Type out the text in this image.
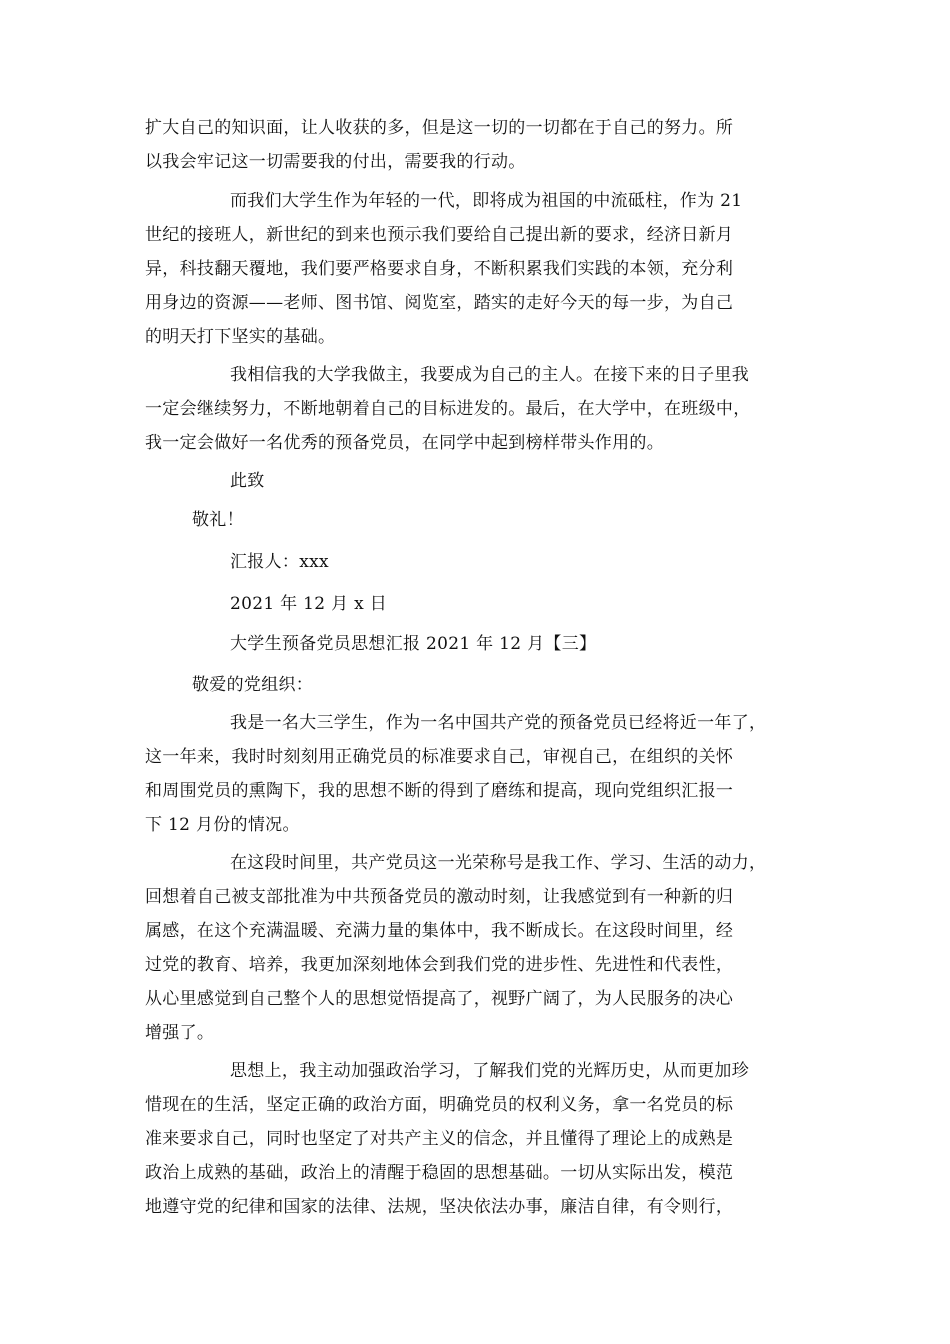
扩大自己的知识面，让人收获的多，但是这一切的一切都在于自己的努力。所
以我会牢记这一切需要我的付出，需要我的行动。
而我们大学生作为年轻的一代，即将成为祖国的中流砥柱，作为 21
世纪的接班人，新世纪的到来也预示我们要给自己提出新的要求，经济日新月
异，科技翻天覆地，我们要严格要求自身，不断积累我们实践的本领，充分利
用身边的资源——老师、图书馆、阅览室，踏实的走好今天的每一步，为自己
的明天打下坚实的基础。
我相信我的大学我做主，我要成为自己的主人。在接下来的日子里我
一定会继续努力，不断地朝着自己的目标进发的。最后，在大学中，在班级中，
我一定会做好一名优秀的预备党员，在同学中起到榜样带头作用的。
此致
敬礼！
汇报人：xxx
2021 年 12 月 x 日
大学生预备党员思想汇报 2021 年 12 月【三】
敬爱的党组织：
我是一名大三学生，作为一名中国共产党的预备党员已经将近一年了，
这一年来，我时时刻刻用正确党员的标准要求自己，审视自己，在组织的关怀
和周围党员的熏陶下，我的思想不断的得到了磨练和提高，现向党组织汇报一
下 12 月份的情况。
在这段时间里，共产党员这一光荣称号是我工作、学习、生活的动力，
回想着自己被支部批准为中共预备党员的激动时刻，让我感觉到有一种新的归
属感，在这个充满温暖、充满力量的集体中，我不断成长。在这段时间里，经
过党的教育、培养，我更加深刻地体会到我们党的进步性、先进性和代表性，
从心里感觉到自己整个人的思想觉悟提高了，视野广阔了，为人民服务的决心
增强了。
思想上，我主动加强政治学习，了解我们党的光辉历史，从而更加珍
惜现在的生活，坚定正确的政治方面，明确党员的权利义务，拿一名党员的标
准来要求自己，同时也坚定了对共产主义的信念，并且懂得了理论上的成熟是
政治上成熟的基础，政治上的清醒于稳固的思想基础。一切从实际出发，模范
地遵守党的纪律和国家的法律、法规，坚决依法办事，廉洁自律，有令则行，
